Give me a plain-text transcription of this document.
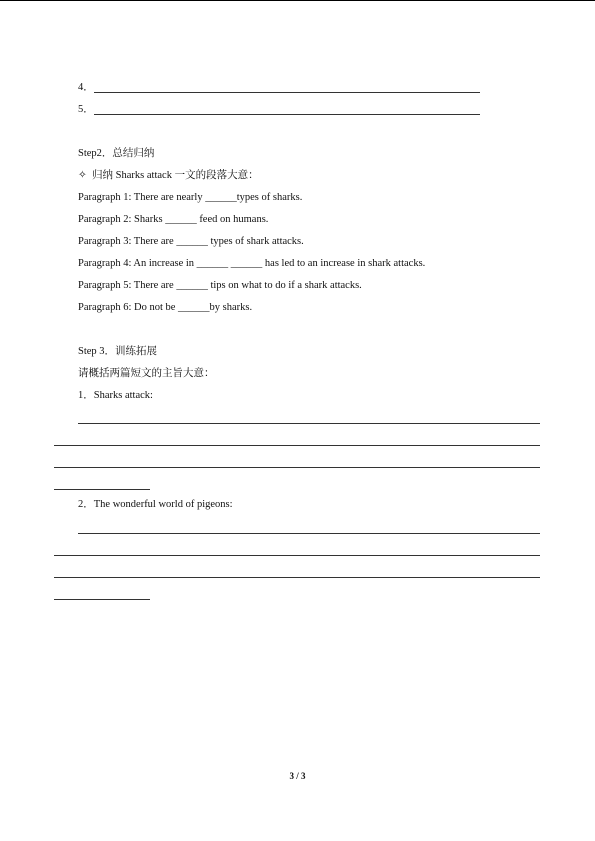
4．
5．
Step2．总结归纳
✧ 归纳 Sharks attack 一文的段落大意：
Paragraph 1: There are nearly ______types of sharks.
Paragraph 2: Sharks ______ feed on humans.
Paragraph 3: There are ______ types of shark attacks.
Paragraph 4: An increase in ______ ______ has led to an increase in shark attacks.
Paragraph 5: There are ______ tips on what to do if a shark attacks.
Paragraph 6: Do not be ______by sharks.
Step 3．训练拓展
请概括两篇短文的主旨大意：
1．Sharks attack:
2．The wonderful world of pigeons:
3 / 3
